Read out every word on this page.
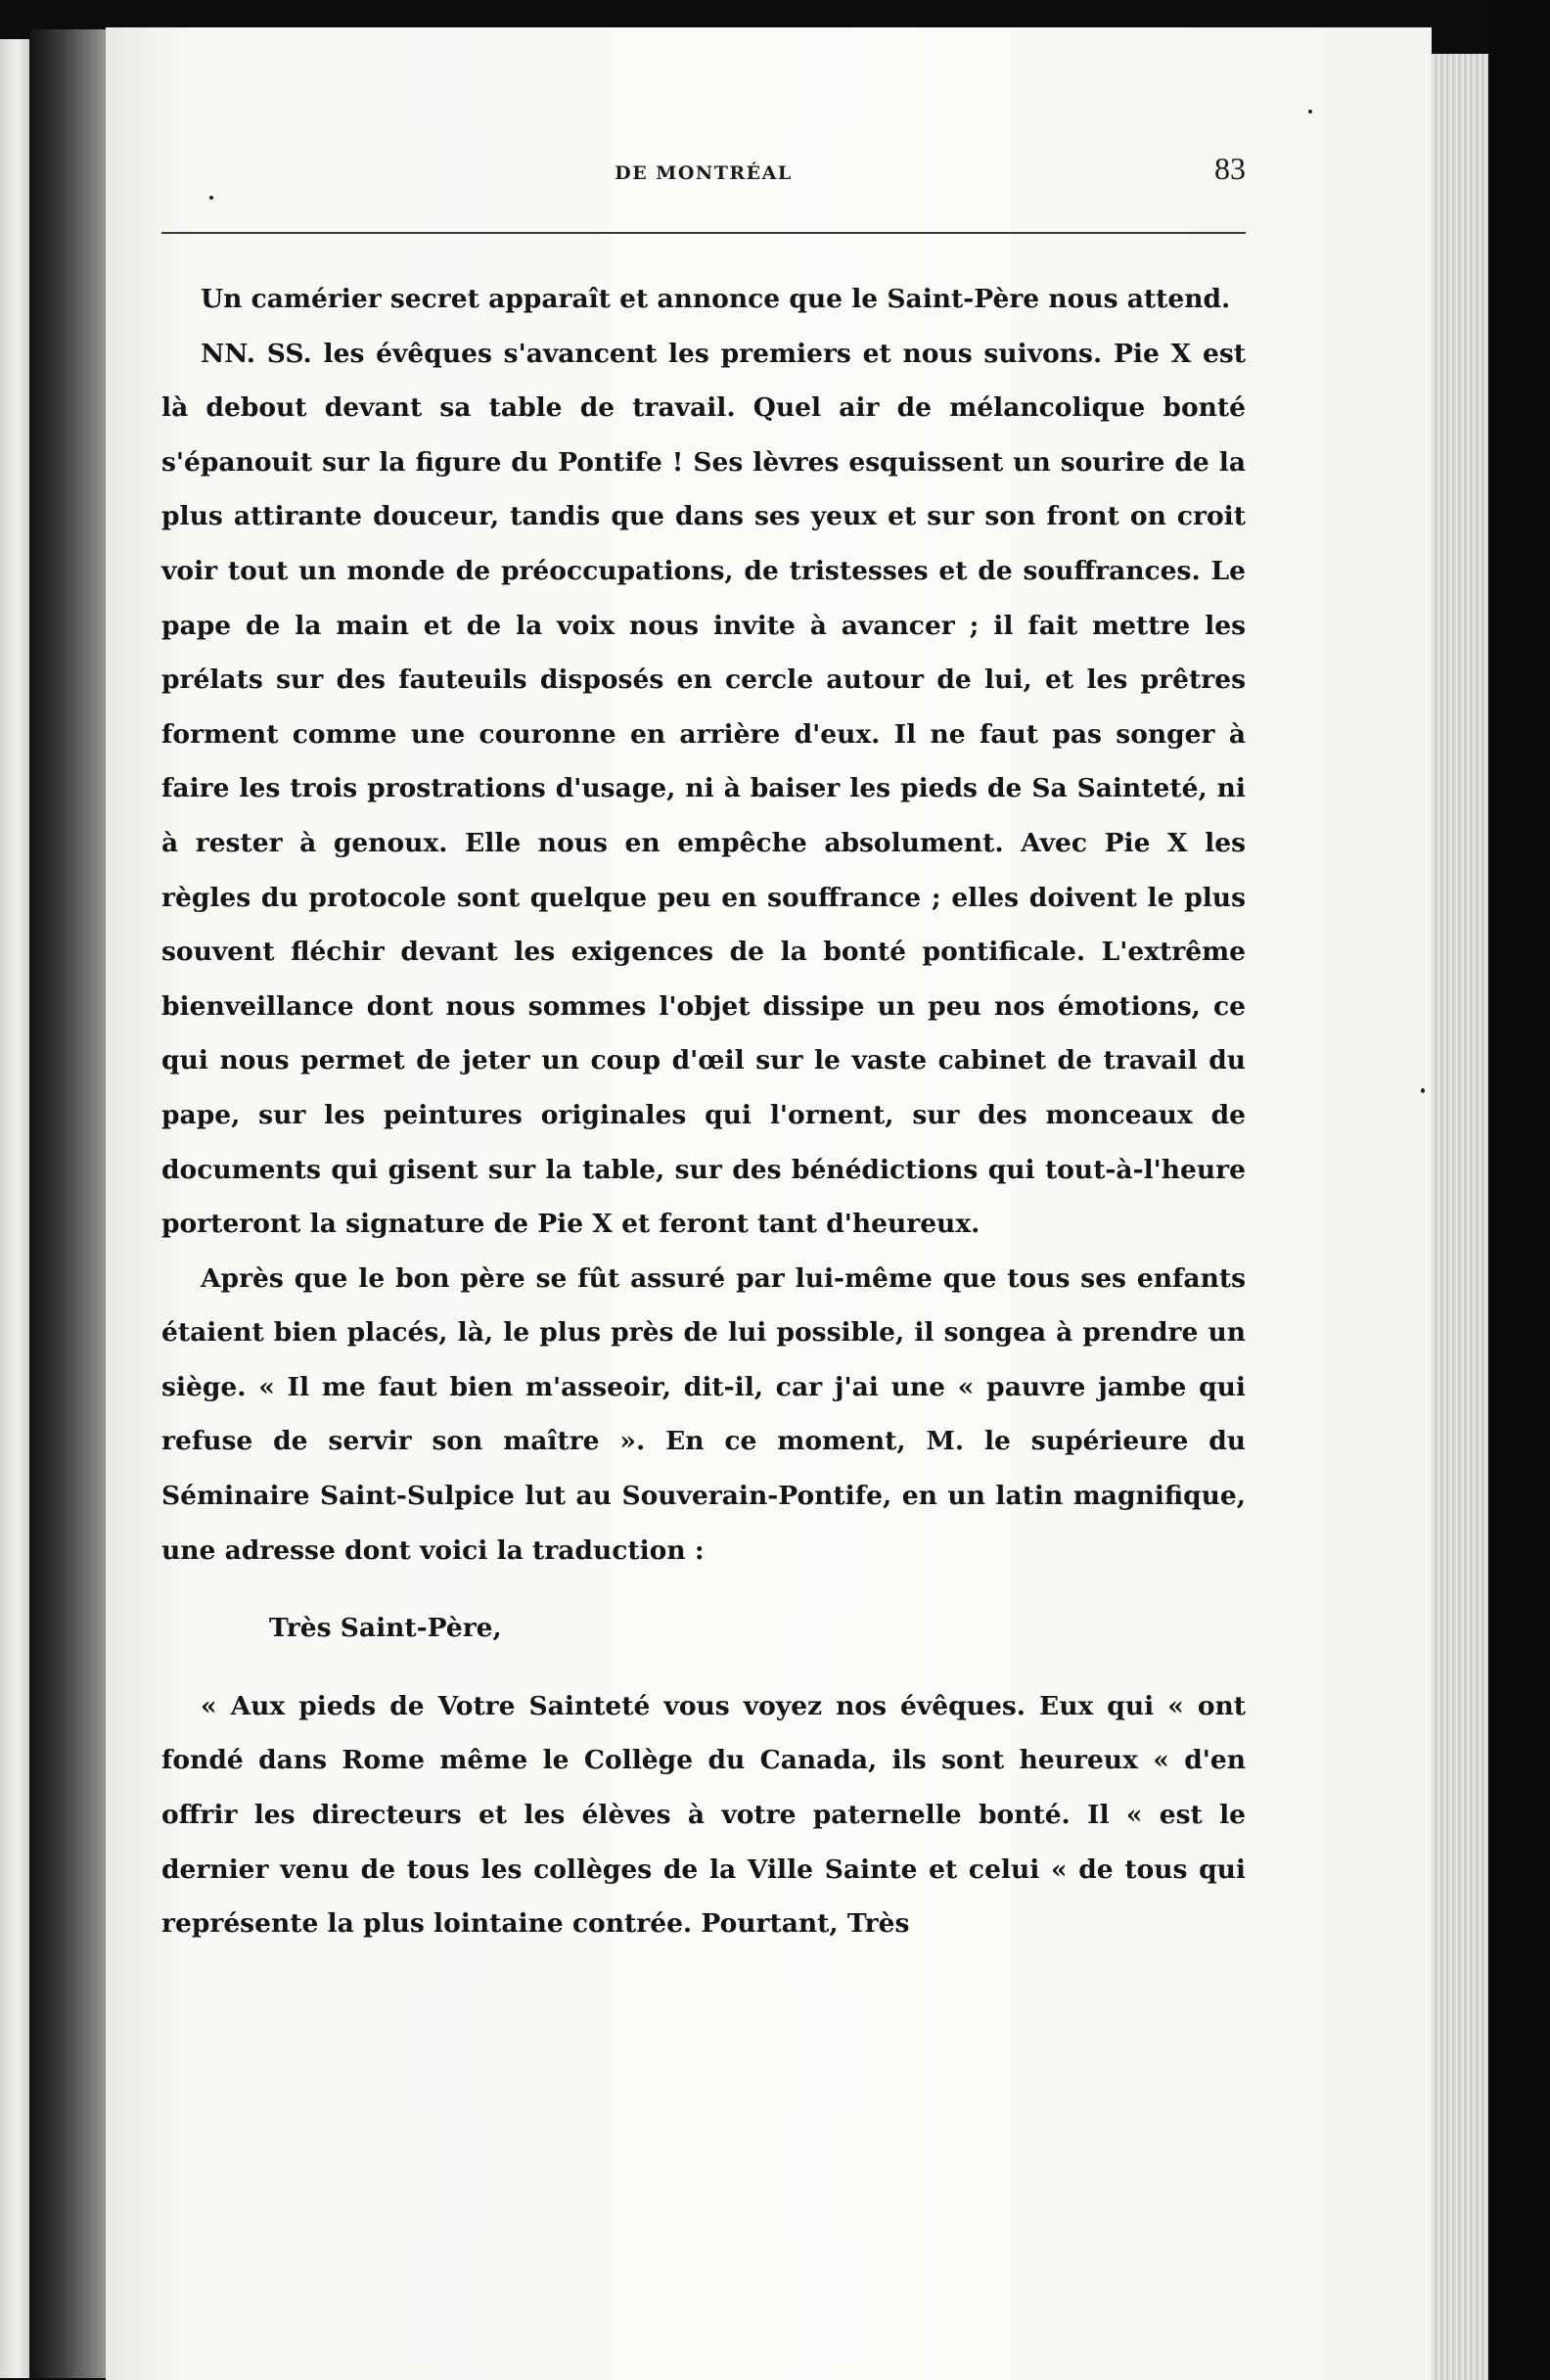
DE MONTRÉAL	83

Un camérier secret apparaît et annonce que le Saint-Père nous attend.

NN. SS. les évêques s'avancent les premiers et nous suivons. Pie X est là debout devant sa table de travail. Quel air de mélancolique bonté s'épanouit sur la figure du Pontife ! Ses lèvres esquissent un sourire de la plus attirante douceur, tandis que dans ses yeux et sur son front on croit voir tout un monde de préoccupations, de tristesses et de souffrances. Le pape de la main et de la voix nous invite à avancer ; il fait mettre les prélats sur des fauteuils disposés en cercle autour de lui, et les prêtres forment comme une couronne en arrière d'eux. Il ne faut pas songer à faire les trois prostrations d'usage, ni à baiser les pieds de Sa Sainteté, ni à rester à genoux. Elle nous en empêche absolument. Avec Pie X les règles du protocole sont quelque peu en souffrance ; elles doivent le plus souvent fléchir devant les exigences de la bonté pontificale. L'extrême bienveillance dont nous sommes l'objet dissipe un peu nos émotions, ce qui nous permet de jeter un coup d'œil sur le vaste cabinet de travail du pape, sur les peintures originales qui l'ornent, sur des monceaux de documents qui gisent sur la table, sur des bénédictions qui tout-à-l'heure porteront la signature de Pie X et feront tant d'heureux.

Après que le bon père se fût assuré par lui-même que tous ses enfants étaient bien placés, là, le plus près de lui possible, il songea à prendre un siège. « Il me faut bien m'asseoir, dit-il, car j'ai une « pauvre jambe qui refuse de servir son maître ». En ce moment, M. le supérieure du Séminaire Saint-Sulpice lut au Souverain-Pontife, en un latin magnifique, une adresse dont voici la traduction :

Très Saint-Père,

« Aux pieds de Votre Sainteté vous voyez nos évêques. Eux qui « ont fondé dans Rome même le Collège du Canada, ils sont heureux « d'en offrir les directeurs et les élèves à votre paternelle bonté. Il « est le dernier venu de tous les collèges de la Ville Sainte et celui « de tous qui représente la plus lointaine contrée. Pourtant, Très
